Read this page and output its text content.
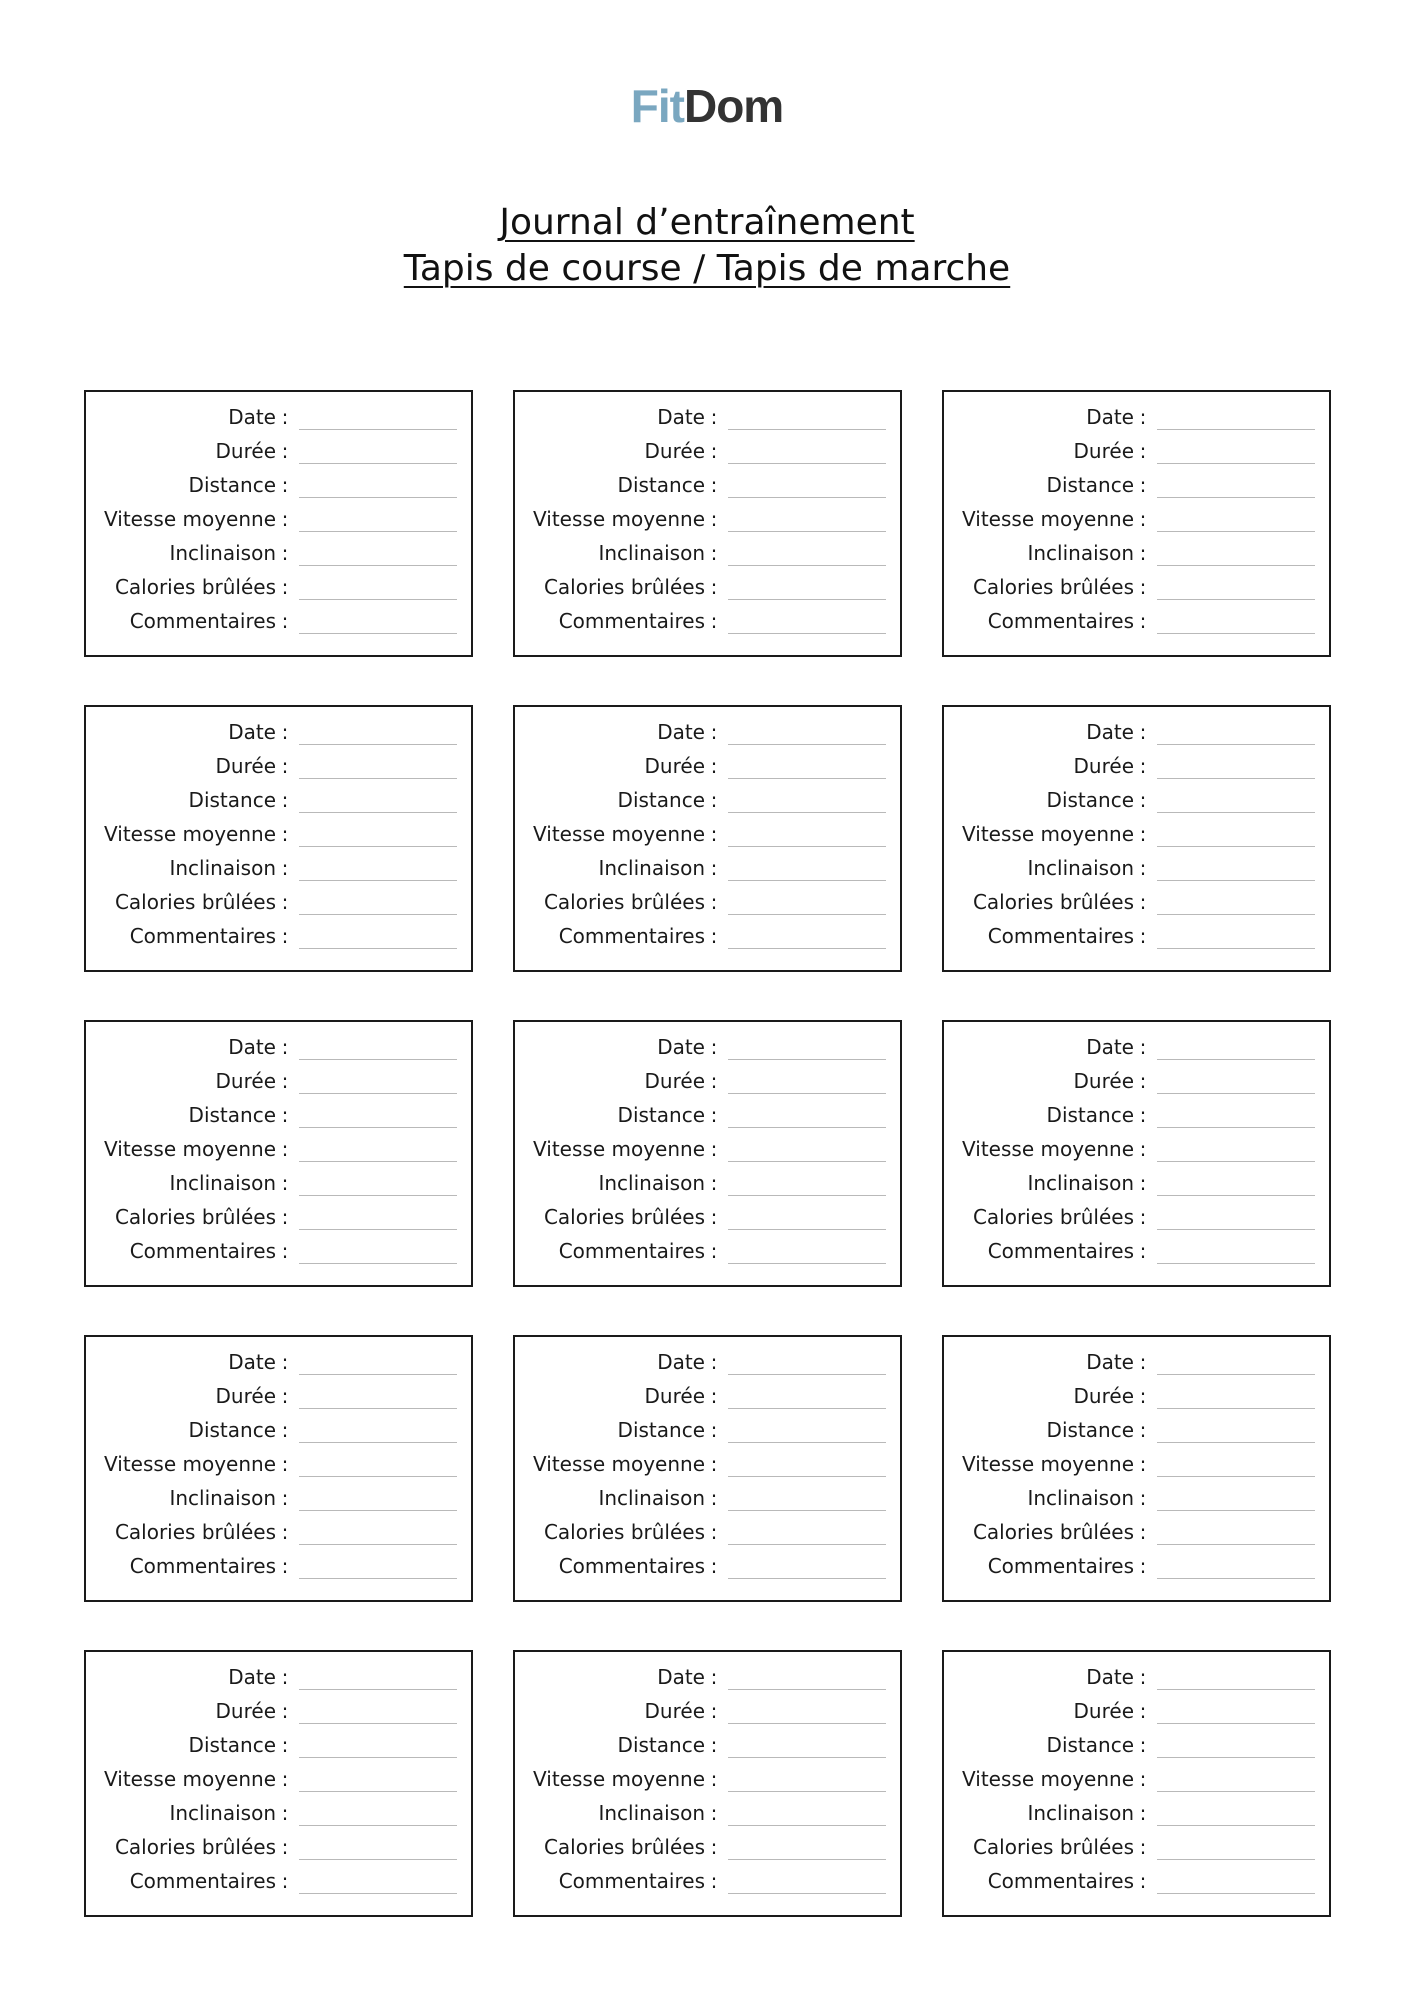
FitDom
Journal d’entraînement
Tapis de course / Tapis de marche
Date :
Durée :
Distance :
Vitesse moyenne :
Inclinaison :
Calories brûlées :
Commentaires :
Date :
Durée :
Distance :
Vitesse moyenne :
Inclinaison :
Calories brûlées :
Commentaires :
Date :
Durée :
Distance :
Vitesse moyenne :
Inclinaison :
Calories brûlées :
Commentaires :
Date :
Durée :
Distance :
Vitesse moyenne :
Inclinaison :
Calories brûlées :
Commentaires :
Date :
Durée :
Distance :
Vitesse moyenne :
Inclinaison :
Calories brûlées :
Commentaires :
Date :
Durée :
Distance :
Vitesse moyenne :
Inclinaison :
Calories brûlées :
Commentaires :
Date :
Durée :
Distance :
Vitesse moyenne :
Inclinaison :
Calories brûlées :
Commentaires :
Date :
Durée :
Distance :
Vitesse moyenne :
Inclinaison :
Calories brûlées :
Commentaires :
Date :
Durée :
Distance :
Vitesse moyenne :
Inclinaison :
Calories brûlées :
Commentaires :
Date :
Durée :
Distance :
Vitesse moyenne :
Inclinaison :
Calories brûlées :
Commentaires :
Date :
Durée :
Distance :
Vitesse moyenne :
Inclinaison :
Calories brûlées :
Commentaires :
Date :
Durée :
Distance :
Vitesse moyenne :
Inclinaison :
Calories brûlées :
Commentaires :
Date :
Durée :
Distance :
Vitesse moyenne :
Inclinaison :
Calories brûlées :
Commentaires :
Date :
Durée :
Distance :
Vitesse moyenne :
Inclinaison :
Calories brûlées :
Commentaires :
Date :
Durée :
Distance :
Vitesse moyenne :
Inclinaison :
Calories brûlées :
Commentaires :
